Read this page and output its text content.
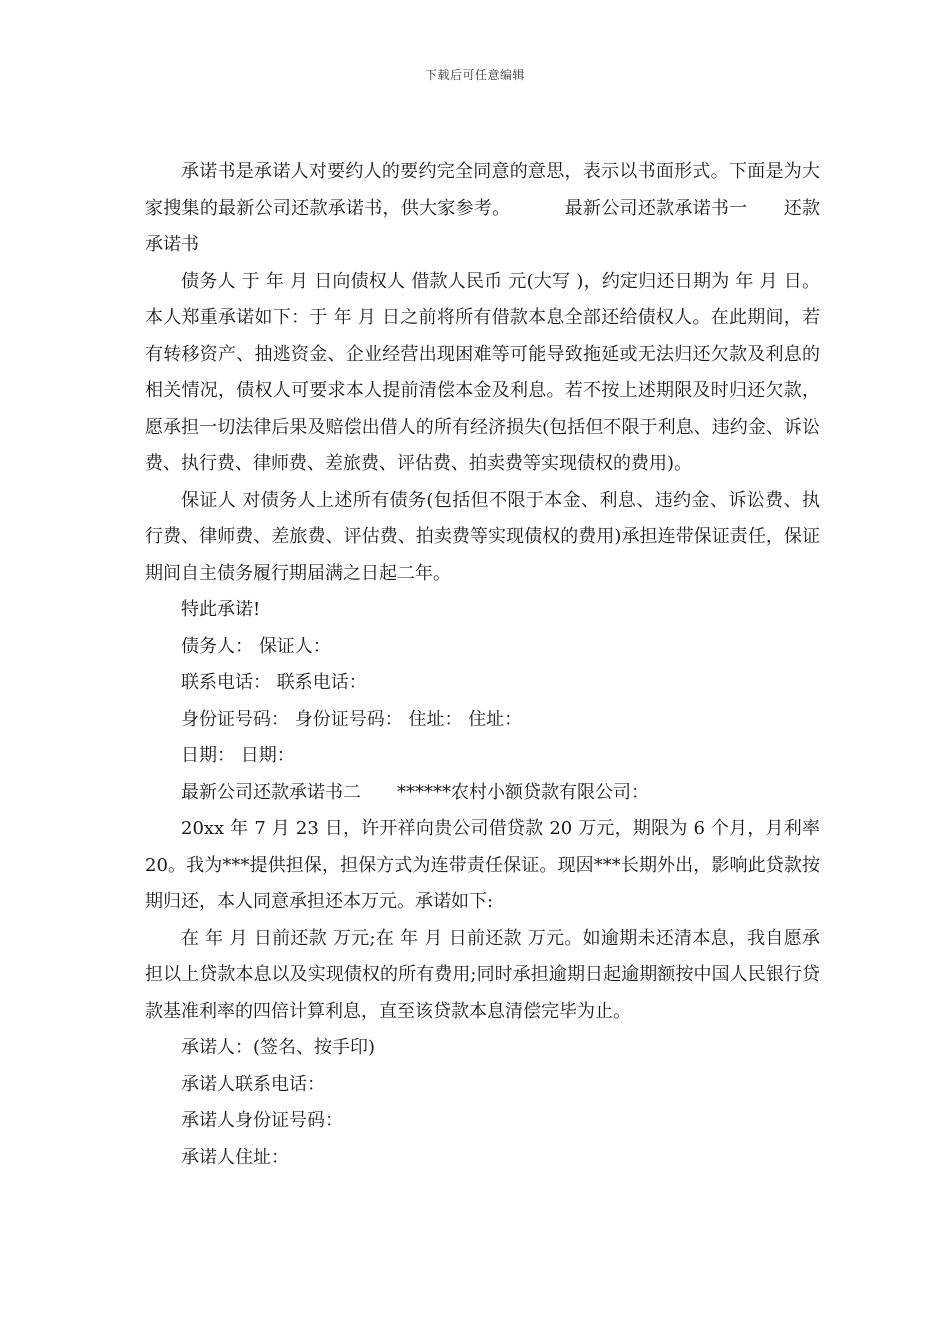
下载后可任意编辑

承诺书是承诺人对要约人的要约完全同意的意思，表示以书面形式。下面是为大家搜集的最新公司还款承诺书，供大家参考。	最新公司还款承诺书一 还款承诺书

债务人 于 年 月 日向债权人 借款人民币 元(大写 )，约定归还日期为 年 月 日。本人郑重承诺如下：于 年 月 日之前将所有借款本息全部还给债权人。在此期间，若有转移资产、抽逃资金、企业经营出现困难等可能导致拖延或无法归还欠款及利息的相关情况，债权人可要求本人提前清偿本金及利息。若不按上述期限及时归还欠款，愿承担一切法律后果及赔偿出借人的所有经济损失(包括但不限于利息、违约金、诉讼费、执行费、律师费、差旅费、评估费、拍卖费等实现债权的费用)。

保证人 对债务人上述所有债务(包括但不限于本金、利息、违约金、诉讼费、执行费、律师费、差旅费、评估费、拍卖费等实现债权的费用)承担连带保证责任，保证期间自主债务履行期届满之日起二年。

特此承诺!

债务人： 保证人：

联系电话： 联系电话：

身份证号码： 身份证号码： 住址： 住址：

日期： 日期：

最新公司还款承诺书二 ******农村小额贷款有限公司：

20xx 年 7 月 23 日，许开祥向贵公司借贷款 20 万元，期限为 6 个月，月利率 20。我为***提供担保，担保方式为连带责任保证。现因***长期外出，影响此贷款按期归还，本人同意承担还本万元。承诺如下:

在 年 月 日前还款 万元;在 年 月 日前还款 万元。如逾期未还清本息，我自愿承担以上贷款本息以及实现债权的所有费用;同时承担逾期日起逾期额按中国人民银行贷款基准利率的四倍计算利息，直至该贷款本息清偿完毕为止。

承诺人：(签名、按手印)

承诺人联系电话：

承诺人身份证号码：

承诺人住址：
